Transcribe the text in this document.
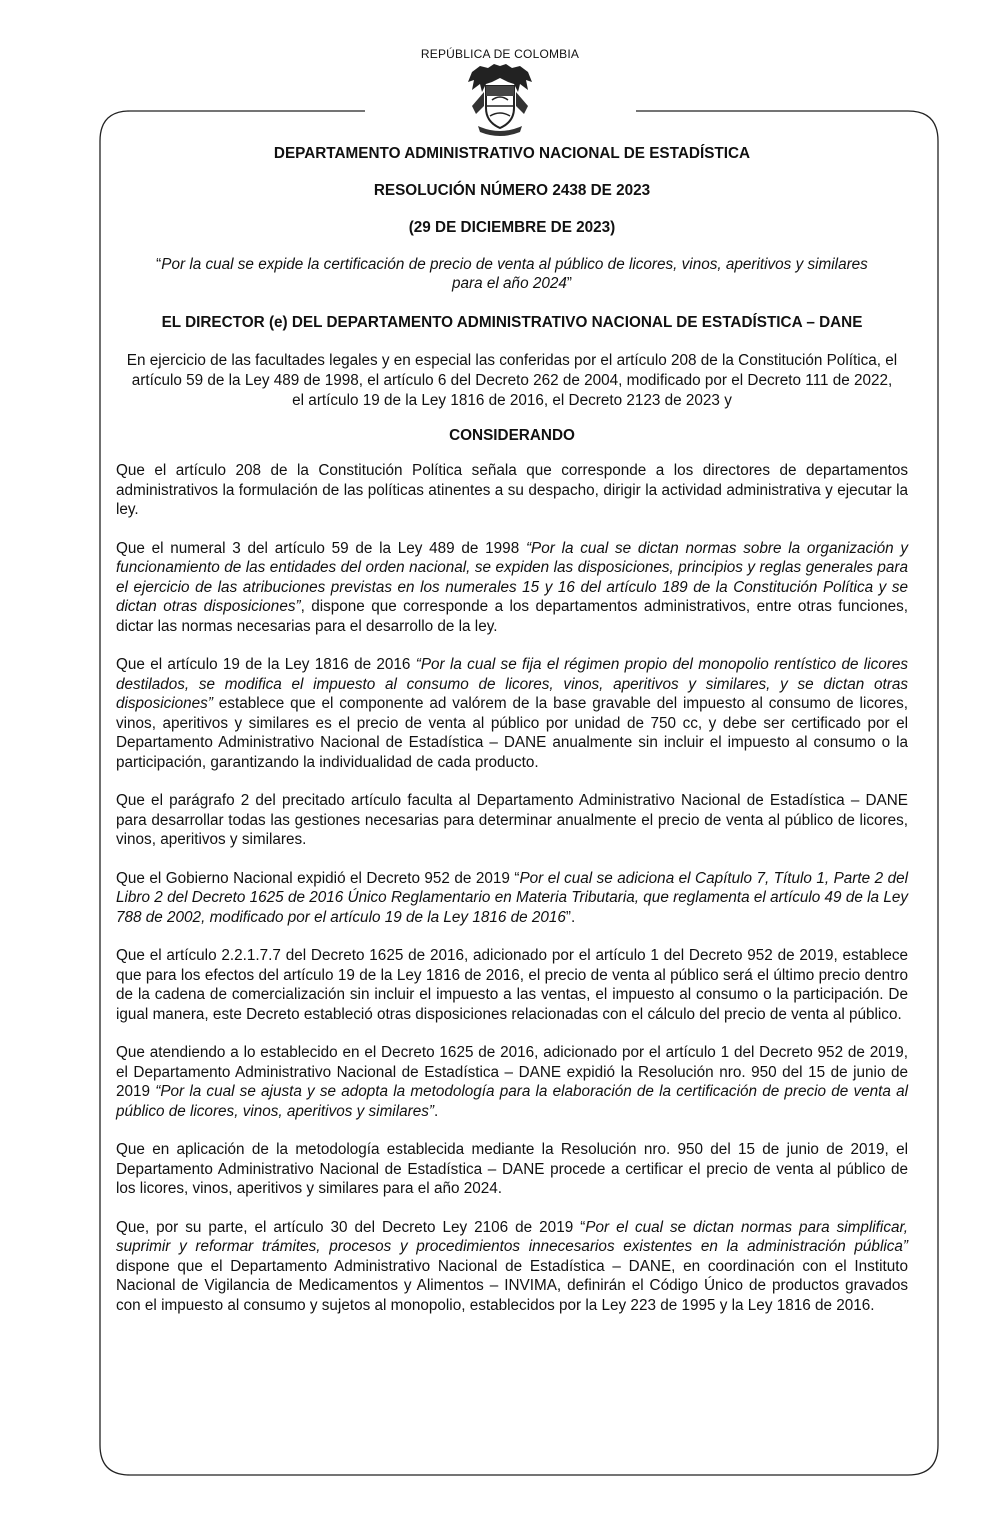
REPÚBLICA DE COLOMBIA
DEPARTAMENTO ADMINISTRATIVO NACIONAL DE ESTADÍSTICA
RESOLUCIÓN NÚMERO 2438 DE 2023
(29 DE DICIEMBRE DE 2023)
“Por la cual se expide la certificación de precio de venta al público de licores, vinos, aperitivos y similares para el año 2024”
EL DIRECTOR (e) DEL DEPARTAMENTO ADMINISTRATIVO NACIONAL DE ESTADÍSTICA – DANE
En ejercicio de las facultades legales y en especial las conferidas por el artículo 208 de la Constitución Política, el artículo 59 de la Ley 489 de 1998, el artículo 6 del Decreto 262 de 2004, modificado por el Decreto 111 de 2022, el artículo 19 de la Ley 1816 de 2016, el Decreto 2123 de 2023 y
CONSIDERANDO

Que el artículo 208 de la Constitución Política señala que corresponde a los directores de departamentos administrativos la formulación de las políticas atinentes a su despacho, dirigir la actividad administrativa y ejecutar la ley.

Que el numeral 3 del artículo 59 de la Ley 489 de 1998 “Por la cual se dictan normas sobre la organización y funcionamiento de las entidades del orden nacional, se expiden las disposiciones, principios y reglas generales para el ejercicio de las atribuciones previstas en los numerales 15 y 16 del artículo 189 de la Constitución Política y se dictan otras disposiciones”, dispone que corresponde a los departamentos administrativos, entre otras funciones, dictar las normas necesarias para el desarrollo de la ley.

Que el artículo 19 de la Ley 1816 de 2016 “Por la cual se fija el régimen propio del monopolio rentístico de licores destilados, se modifica el impuesto al consumo de licores, vinos, aperitivos y similares, y se dictan otras disposiciones” establece que el componente ad valórem de la base gravable del impuesto al consumo de licores, vinos, aperitivos y similares es el precio de venta al público por unidad de 750 cc, y debe ser certificado por el Departamento Administrativo Nacional de Estadística – DANE anualmente sin incluir el impuesto al consumo o la participación, garantizando la individualidad de cada producto.

Que el parágrafo 2 del precitado artículo faculta al Departamento Administrativo Nacional de Estadística – DANE para desarrollar todas las gestiones necesarias para determinar anualmente el precio de venta al público de licores, vinos, aperitivos y similares.

Que el Gobierno Nacional expidió el Decreto 952 de 2019 “Por el cual se adiciona el Capítulo 7, Título 1, Parte 2 del Libro 2 del Decreto 1625 de 2016 Único Reglamentario en Materia Tributaria, que reglamenta el artículo 49 de la Ley 788 de 2002, modificado por el artículo 19 de la Ley 1816 de 2016”.

Que el artículo 2.2.1.7.7 del Decreto 1625 de 2016, adicionado por el artículo 1 del Decreto 952 de 2019, establece que para los efectos del artículo 19 de la Ley 1816 de 2016, el precio de venta al público será el último precio dentro de la cadena de comercialización sin incluir el impuesto a las ventas, el impuesto al consumo o la participación. De igual manera, este Decreto estableció otras disposiciones relacionadas con el cálculo del precio de venta al público.

Que atendiendo a lo establecido en el Decreto 1625 de 2016, adicionado por el artículo 1 del Decreto 952 de 2019, el Departamento Administrativo Nacional de Estadística – DANE expidió la Resolución nro. 950 del 15 de junio de 2019 “Por la cual se ajusta y se adopta la metodología para la elaboración de la certificación de precio de venta al público de licores, vinos, aperitivos y similares”.

Que en aplicación de la metodología establecida mediante la Resolución nro. 950 del 15 de junio de 2019, el Departamento Administrativo Nacional de Estadística – DANE procede a certificar el precio de venta al público de los licores, vinos, aperitivos y similares para el año 2024.

Que, por su parte, el artículo 30 del Decreto Ley 2106 de 2019 “Por el cual se dictan normas para simplificar, suprimir y reformar trámites, procesos y procedimientos innecesarios existentes en la administración pública” dispone que el Departamento Administrativo Nacional de Estadística – DANE, en coordinación con el Instituto Nacional de Vigilancia de Medicamentos y Alimentos – INVIMA, definirán el Código Único de productos gravados con el impuesto al consumo y sujetos al monopolio, establecidos por la Ley 223 de 1995 y la Ley 1816 de 2016.
